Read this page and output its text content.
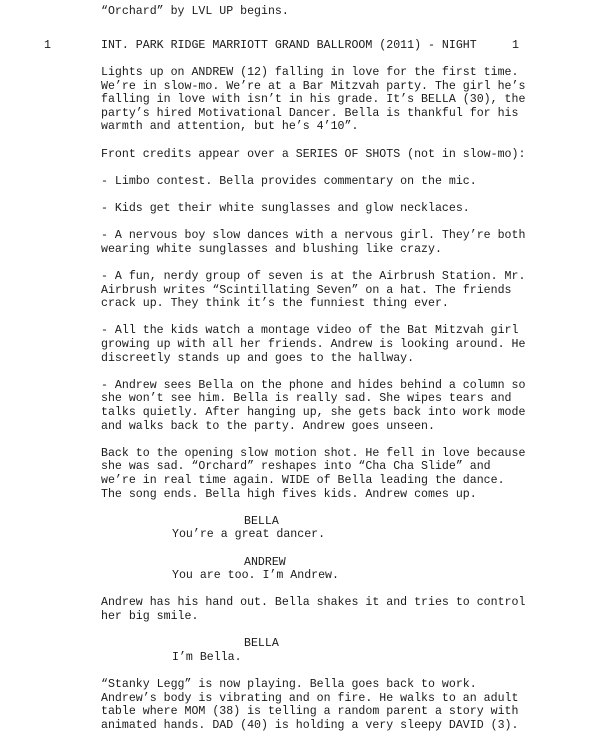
“Orchard” by LVL UP begins.
1	INT. PARK RIDGE MARRIOTT GRAND BALLROOM (2011) - NIGHT	1
Lights up on ANDREW (12) falling in love for the first time.
We’re in slow-mo. We’re at a Bar Mitzvah party. The girl he’s
falling in love with isn’t in his grade. It’s BELLA (30), the
party’s hired Motivational Dancer. Bella is thankful for his
warmth and attention, but he’s 4’10”.
Front credits appear over a SERIES OF SHOTS (not in slow-mo):
- Limbo contest. Bella provides commentary on the mic.
- Kids get their white sunglasses and glow necklaces.
- A nervous boy slow dances with a nervous girl. They’re both
wearing white sunglasses and blushing like crazy.
- A fun, nerdy group of seven is at the Airbrush Station. Mr.
Airbrush writes “Scintillating Seven” on a hat. The friends
crack up. They think it’s the funniest thing ever.
- All the kids watch a montage video of the Bat Mitzvah girl
growing up with all her friends. Andrew is looking around. He
discreetly stands up and goes to the hallway.
- Andrew sees Bella on the phone and hides behind a column so
she won’t see him. Bella is really sad. She wipes tears and
talks quietly. After hanging up, she gets back into work mode
and walks back to the party. Andrew goes unseen.
Back to the opening slow motion shot. He fell in love because
she was sad. “Orchard” reshapes into “Cha Cha Slide” and
we’re in real time again. WIDE of Bella leading the dance.
The song ends. Bella high fives kids. Andrew comes up.
BELLA
You’re a great dancer.
ANDREW
You are too. I’m Andrew.
Andrew has his hand out. Bella shakes it and tries to control
her big smile.
BELLA
I’m Bella.
“Stanky Legg” is now playing. Bella goes back to work.
Andrew’s body is vibrating and on fire. He walks to an adult
table where MOM (38) is telling a random parent a story with
animated hands. DAD (40) is holding a very sleepy DAVID (3).
